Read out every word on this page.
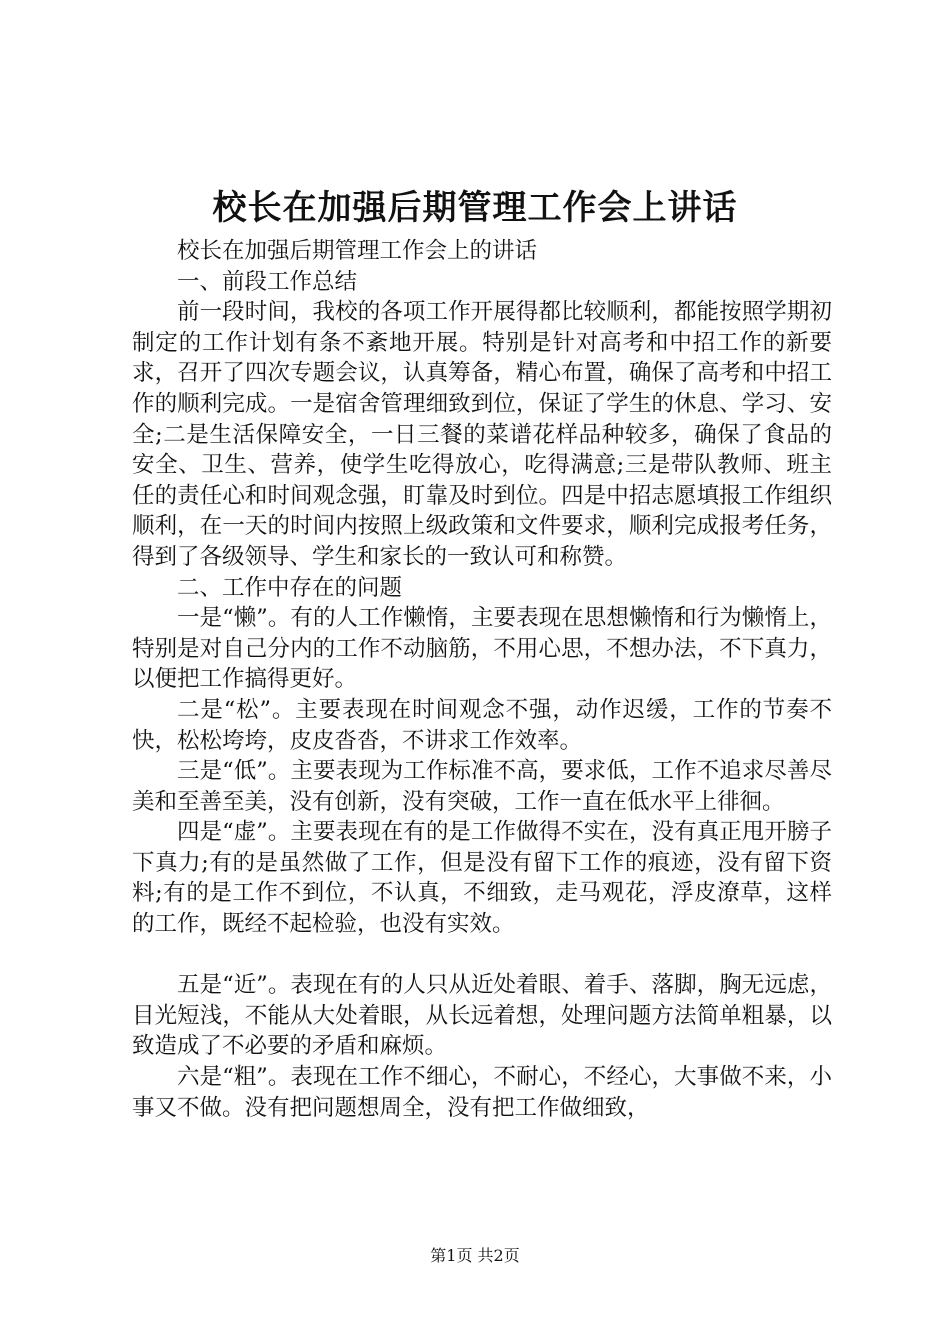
校长在加强后期管理工作会上讲话

校长在加强后期管理工作会上的讲话

一、前段工作总结

前一段时间，我校的各项工作开展得都比较顺利，都能按照学期初制定的工作计划有条不紊地开展。特别是针对高考和中招工作的新要求，召开了四次专题会议，认真筹备，精心布置，确保了高考和中招工作的顺利完成。一是宿舍管理细致到位，保证了学生的休息、学习、安全;二是生活保障安全，一日三餐的菜谱花样品种较多，确保了食品的安全、卫生、营养，使学生吃得放心，吃得满意;三是带队教师、班主任的责任心和时间观念强，盯靠及时到位。四是中招志愿填报工作组织顺利，在一天的时间内按照上级政策和文件要求，顺利完成报考任务，得到了各级领导、学生和家长的一致认可和称赞。

二、工作中存在的问题

一是“懒”。有的人工作懒惰，主要表现在思想懒惰和行为懒惰上，特别是对自己分内的工作不动脑筋，不用心思，不想办法，不下真力，以便把工作搞得更好。

二是“松”。主要表现在时间观念不强，动作迟缓，工作的节奏不快，松松垮垮，皮皮沓沓，不讲求工作效率。

三是“低”。主要表现为工作标准不高，要求低，工作不追求尽善尽美和至善至美，没有创新，没有突破，工作一直在低水平上徘徊。

四是“虚”。主要表现在有的是工作做得不实在，没有真正甩开膀子下真力;有的是虽然做了工作，但是没有留下工作的痕迹，没有留下资料;有的是工作不到位，不认真，不细致，走马观花，浮皮潦草，这样的工作，既经不起检验，也没有实效。

五是“近”。表现在有的人只从近处着眼、着手、落脚，胸无远虑，目光短浅，不能从大处着眼，从长远着想，处理问题方法简单粗暴，以致造成了不必要的矛盾和麻烦。

六是“粗”。表现在工作不细心，不耐心，不经心，大事做不来，小事又不做。没有把问题想周全，没有把工作做细致，

第1页 共2页
